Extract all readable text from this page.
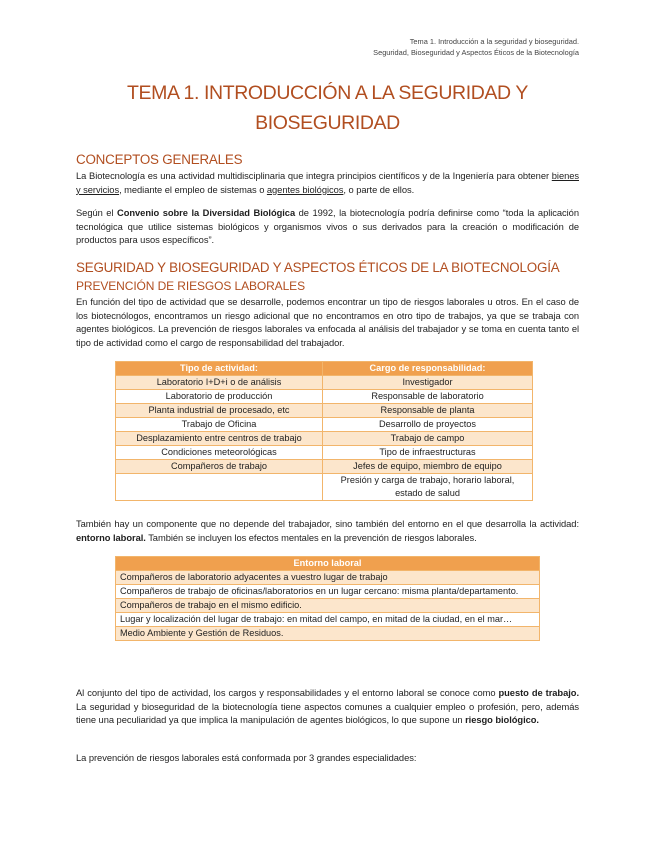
Tema 1. Introducción a la seguridad y bioseguridad.
Seguridad, Bioseguridad y Aspectos Éticos de la Biotecnología
TEMA 1. INTRODUCCIÓN A LA SEGURIDAD Y
BIOSEGURIDAD
CONCEPTOS GENERALES
La Biotecnología es una actividad multidisciplinaria que integra principios científicos y de la Ingeniería para obtener bienes y servicios, mediante el empleo de sistemas o agentes biológicos, o parte de ellos.
Según el Convenio sobre la Diversidad Biológica de 1992, la biotecnología podría definirse como “toda la aplicación tecnológica que utilice sistemas biológicos y organismos vivos o sus derivados para la creación o modificación de productos para usos específicos”.
SEGURIDAD Y BIOSEGURIDAD Y ASPECTOS ÉTICOS DE LA BIOTECNOLOGÍA
PREVENCIÓN DE RIESGOS LABORALES
En función del tipo de actividad que se desarrolle, podemos encontrar un tipo de riesgos laborales u otros. En el caso de los biotecnólogos, encontramos un riesgo adicional que no encontramos en otro tipo de trabajos, ya que se trabaja con agentes biológicos. La prevención de riesgos laborales va enfocada al análisis del trabajador y se toma en cuenta tanto el tipo de actividad como el cargo de responsabilidad del trabajador.
Tipo de actividad:	Cargo de responsabilidad:
Laboratorio I+D+i o de análisis	Investigador
Laboratorio de producción	Responsable de laboratorio
Planta industrial de procesado, etc	Responsable de planta
Trabajo de Oficina	Desarrollo de proyectos
Desplazamiento entre centros de trabajo	Trabajo de campo
Condiciones meteorológicas	Tipo de infraestructuras
Compañeros de trabajo	Jefes de equipo, miembro de equipo
	Presión y carga de trabajo, horario laboral, estado de salud
También hay un componente que no depende del trabajador, sino también del entorno en el que desarrolla la actividad: entorno laboral. También se incluyen los efectos mentales en la prevención de riesgos laborales.
Entorno laboral
Compañeros de laboratorio adyacentes a vuestro lugar de trabajo
Compañeros de trabajo de oficinas/laboratorios en un lugar cercano: misma planta/departamento.
Compañeros de trabajo en el mismo edificio.
Lugar y localización del lugar de trabajo: en mitad del campo, en mitad de la ciudad, en el mar…
Medio Ambiente y Gestión de Residuos.
Al conjunto del tipo de actividad, los cargos y responsabilidades y el entorno laboral se conoce como puesto de trabajo. La seguridad y bioseguridad de la biotecnología tiene aspectos comunes a cualquier empleo o profesión, pero, además tiene una peculiaridad ya que implica la manipulación de agentes biológicos, lo que supone un riesgo biológico.
La prevención de riesgos laborales está conformada por 3 grandes especialidades:
